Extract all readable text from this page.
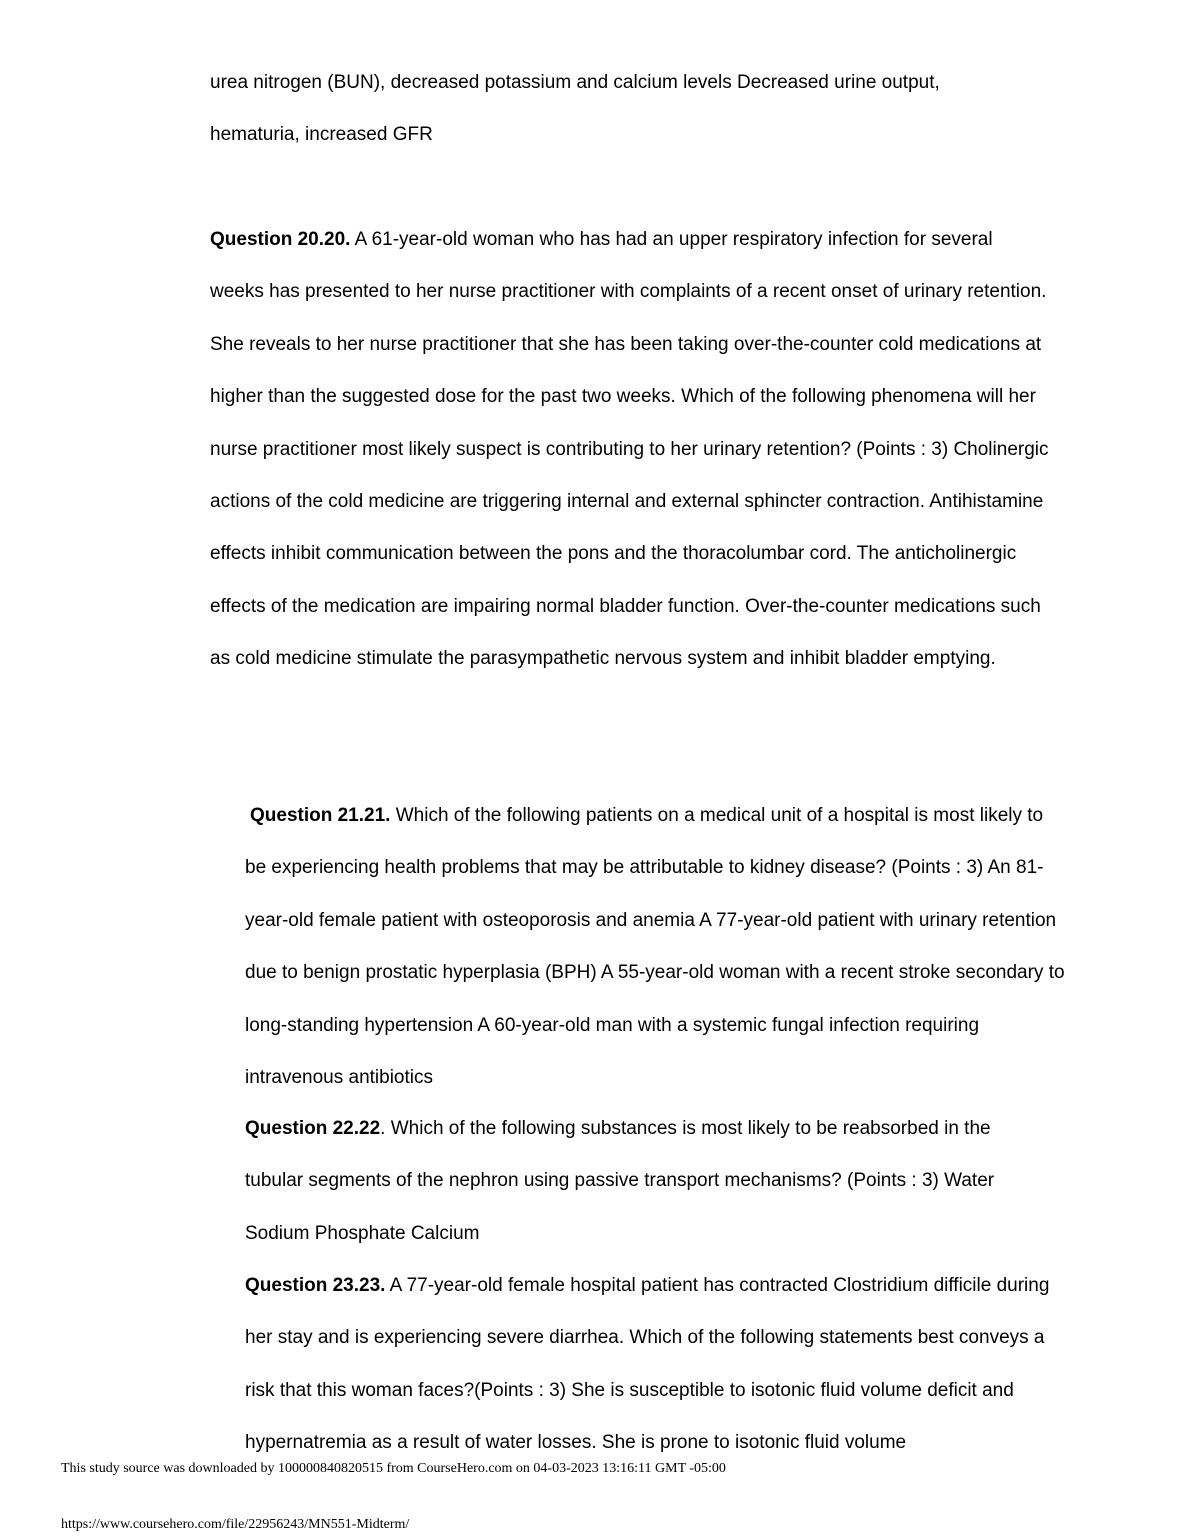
urea nitrogen (BUN), decreased potassium and calcium levels Decreased urine output, hematuria, increased GFR

Question 20.20. A 61-year-old woman who has had an upper respiratory infection for several weeks has presented to her nurse practitioner with complaints of a recent onset of urinary retention. She reveals to her nurse practitioner that she has been taking over-the-counter cold medications at higher than the suggested dose for the past two weeks. Which of the following phenomena will her nurse practitioner most likely suspect is contributing to her urinary retention? (Points : 3) Cholinergic actions of the cold medicine are triggering internal and external sphincter contraction. Antihistamine effects inhibit communication between the pons and the thoracolumbar cord. The anticholinergic effects of the medication are impairing normal bladder function. Over-the-counter medications such as cold medicine stimulate the parasympathetic nervous system and inhibit bladder emptying.

Question 21.21. Which of the following patients on a medical unit of a hospital is most likely to be experiencing health problems that may be attributable to kidney disease? (Points : 3) An 81-year-old female patient with osteoporosis and anemia A 77-year-old patient with urinary retention due to benign prostatic hyperplasia (BPH) A 55-year-old woman with a recent stroke secondary to long-standing hypertension A 60-year-old man with a systemic fungal infection requiring intravenous antibiotics

Question 22.22. Which of the following substances is most likely to be reabsorbed in the tubular segments of the nephron using passive transport mechanisms? (Points : 3) Water Sodium Phosphate Calcium

Question 23.23. A 77-year-old female hospital patient has contracted Clostridium difficile during her stay and is experiencing severe diarrhea. Which of the following statements best conveys a risk that this woman faces?(Points : 3) She is susceptible to isotonic fluid volume deficit and hypernatremia as a result of water losses. She is prone to isotonic fluid volume

This study source was downloaded by 100000840820515 from CourseHero.com on 04-03-2023 13:16:11 GMT -05:00
https://www.coursehero.com/file/22956243/MN551-Midterm/
